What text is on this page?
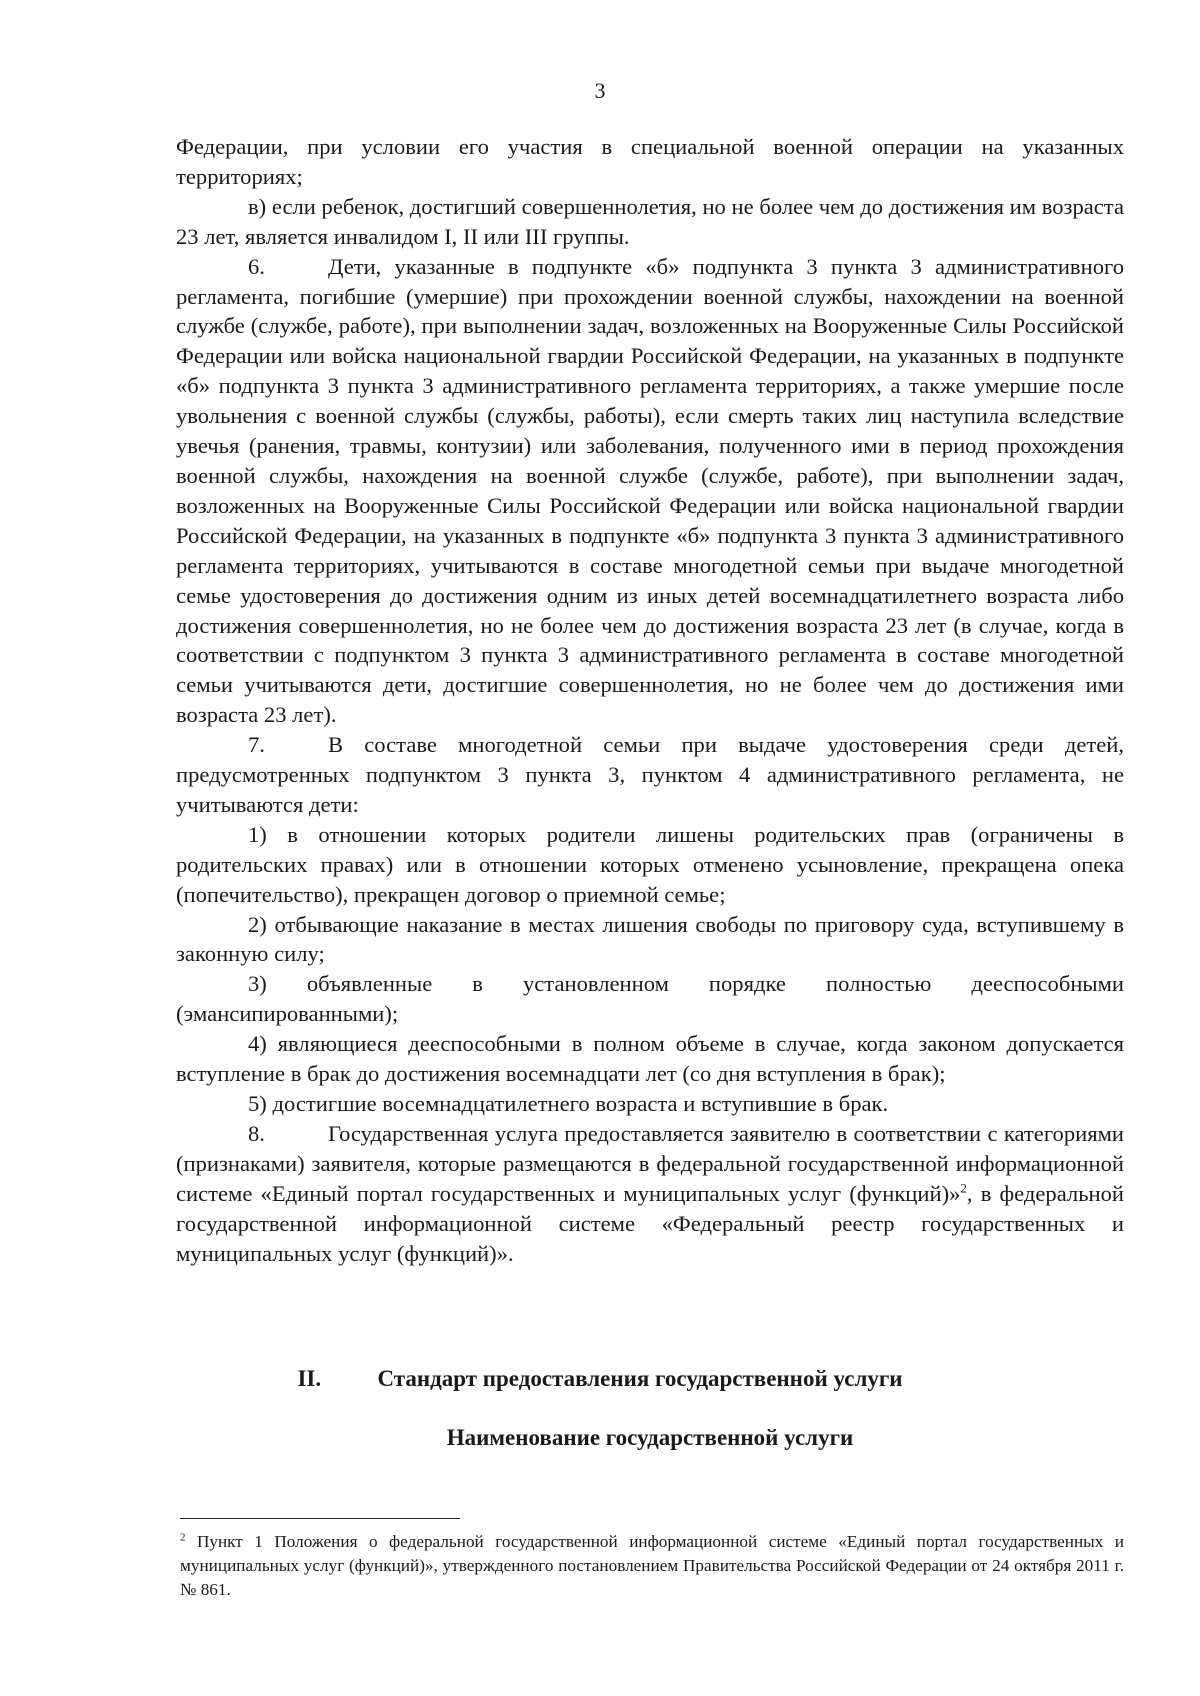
3

Федерации, при условии его участия в специальной военной операции на указанных территориях;

в) если ребенок, достигший совершеннолетия, но не более чем до достижения им возраста 23 лет, является инвалидом I, II или III группы.

6.	Дети, указанные в подпункте «б» подпункта 3 пункта 3 административного регламента, погибшие (умершие) при прохождении военной службы, нахождении на военной службе (службе, работе), при выполнении задач, возложенных на Вооруженные Силы Российской Федерации или войска национальной гвардии Российской Федерации, на указанных в подпункте «б» подпункта 3 пункта 3 административного регламента территориях, а также умершие после увольнения с военной службы (службы, работы), если смерть таких лиц наступила вследствие увечья (ранения, травмы, контузии) или заболевания, полученного ими в период прохождения военной службы, нахождения на военной службе (службе, работе), при выполнении задач, возложенных на Вооруженные Силы Российской Федерации или войска национальной гвардии Российской Федерации, на указанных в подпункте «б» подпункта 3 пункта 3 административного регламента территориях, учитываются в составе многодетной семьи при выдаче многодетной семье удостоверения до достижения одним из иных детей восемнадцатилетнего возраста либо достижения совершеннолетия, но не более чем до достижения возраста 23 лет (в случае, когда в соответствии с подпунктом 3 пункта 3 административного регламента в составе многодетной семьи учитываются дети, достигшие совершеннолетия, но не более чем до достижения ими возраста 23 лет).

7.	В составе многодетной семьи при выдаче удостоверения среди детей, предусмотренных подпунктом 3 пункта 3, пунктом 4 административного регламента, не учитываются дети:

1) в отношении которых родители лишены родительских прав (ограничены в родительских правах) или в отношении которых отменено усыновление, прекращена опека (попечительство), прекращен договор о приемной семье;

2) отбывающие наказание в местах лишения свободы по приговору суда, вступившему в законную силу;

3) объявленные в установленном порядке полностью дееспособными (эмансипированными);

4) являющиеся дееспособными в полном объеме в случае, когда законом допускается вступление в брак до достижения восемнадцати лет (со дня вступления в брак);

5) достигшие восемнадцатилетнего возраста и вступившие в брак.

8.	Государственная услуга предоставляется заявителю в соответствии с категориями (признаками) заявителя, которые размещаются в федеральной государственной информационной системе «Единый портал государственных и муниципальных услуг (функций)»$^2$, в федеральной государственной информационной системе «Федеральный реестр государственных и муниципальных услуг (функций)».

II. Стандарт предоставления государственной услуги
Наименование государственной услуги
$^2$ Пункт 1 Положения о федеральной государственной информационной системе «Единый портал государственных и муниципальных услуг (функций)», утвержденного постановлением Правительства Российской Федерации от 24 октября 2011 г. № 861.
